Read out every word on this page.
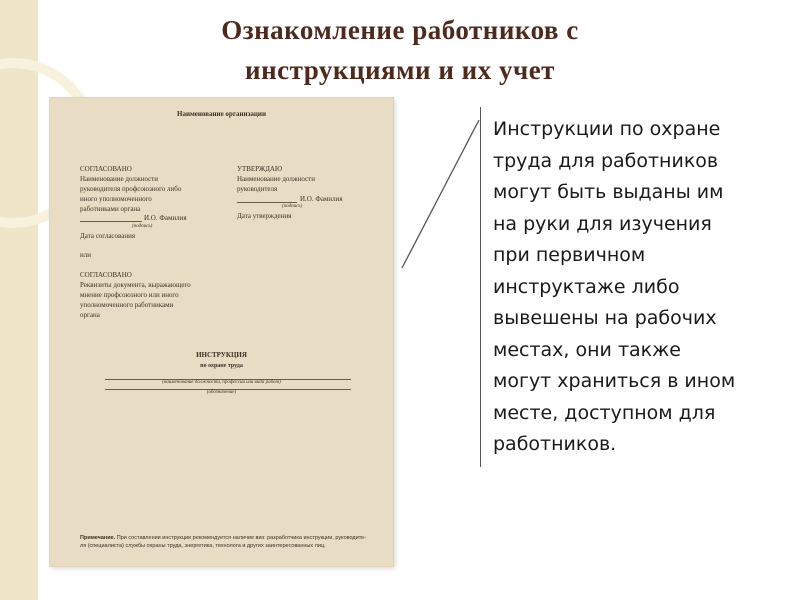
Ознакомление работников с
инструкциями и их учет
Наименование организации
СОГЛАСОВАНО
Наименование должности
руководителя профсоюзного либо
иного уполномоченного
работниками органа
И.О. Фамилия
(подпись)
Дата согласования
или
СОГЛАСОВАНО
Реквизиты документа, выражающего
мнение профсоюзного или иного
уполномоченного работниками
органа
УТВЕРЖДАЮ
Наименование должности
руководителя
И.О. Фамилия
(подпись)
Дата утверждения
ИНСТРУКЦИЯ
по охране труда
(наименование должности, профессии или вида работ)
(обозначение)
Примечание. При составлении инструкции рекомендуется наличие виз: разработчика инструкции, руководите-
ля (специалиста) службы охраны труда, энергетика, технолога и других заинтересованных лиц.
Инструкции по охране
труда для работников
могут быть выданы им
на руки для изучения
при первичном
инструктаже либо
вывешены на рабочих
местах, они также
могут храниться в ином
месте, доступном для
работников.
